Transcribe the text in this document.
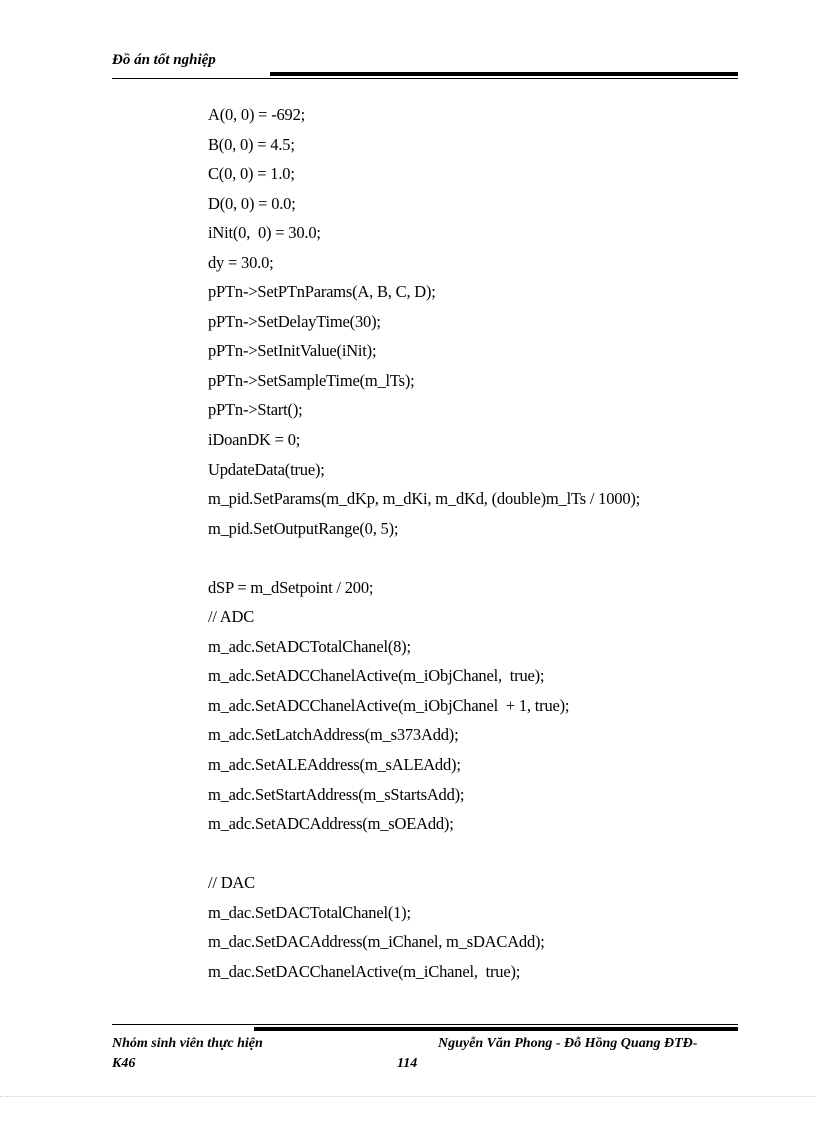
Đồ án tốt nghiệp
A(0, 0) = -692;
B(0, 0) = 4.5;
C(0, 0) = 1.0;
D(0, 0) = 0.0;
iNit(0,  0) = 30.0;
dy = 30.0;
pPTn->SetPTnParams(A, B, C, D);
pPTn->SetDelayTime(30);
pPTn->SetInitValue(iNit);
pPTn->SetSampleTime(m_lTs);
pPTn->Start();
iDoanDK = 0;
UpdateData(true);
m_pid.SetParams(m_dKp, m_dKi, m_dKd, (double)m_lTs / 1000);
m_pid.SetOutputRange(0, 5);
dSP = m_dSetpoint / 200;
// ADC
m_adc.SetADCTotalChanel(8);
m_adc.SetADCChanelActive(m_iObjChanel,  true);
m_adc.SetADCChanelActive(m_iObjChanel  + 1, true);
m_adc.SetLatchAddress(m_s373Add);
m_adc.SetALEAddress(m_sALEAdd);
m_adc.SetStartAddress(m_sStartsAdd);
m_adc.SetADCAddress(m_sOEAdd);
// DAC
m_dac.SetDACTotalChanel(1);
m_dac.SetDACAddress(m_iChanel, m_sDACAdd);
m_dac.SetDACChanelActive(m_iChanel,  true);
Nhóm sinh viên thực hiện	Nguyễn Văn Phong - Đỗ Hồng Quang ĐTĐ-
K46	114
